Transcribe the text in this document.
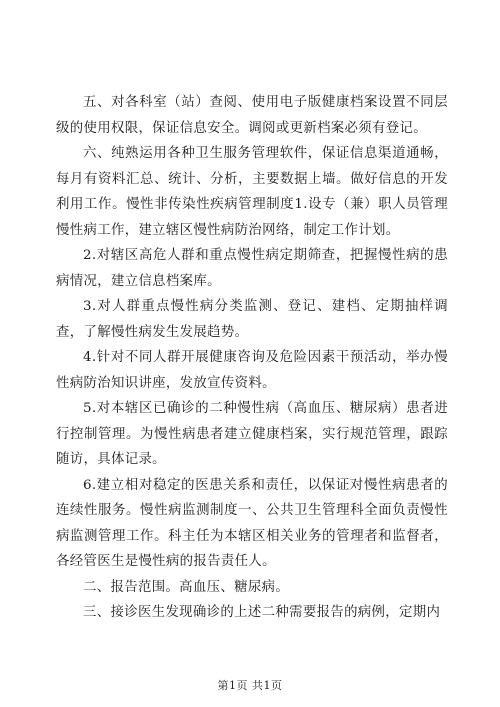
五、对各科室（站）查阅、使用电子版健康档案设置不同层级的使用权限，保证信息安全。调阅或更新档案必须有登记。

六、纯熟运用各种卫生服务管理软件，保证信息渠道通畅，每月有资料汇总、统计、分析，主要数据上墙。做好信息的开发利用工作。慢性非传染性疾病管理制度1.设专（兼）职人员管理慢性病工作，建立辖区慢性病防治网络，制定工作计划。

2.对辖区高危人群和重点慢性病定期筛查，把握慢性病的患病情况，建立信息档案库。

3.对人群重点慢性病分类监测、登记、建档、定期抽样调查，了解慢性病发生发展趋势。

4.针对不同人群开展健康咨询及危险因素干预活动，举办慢性病防治知识讲座，发放宣传资料。

5.对本辖区已确诊的二种慢性病（高血压、糖尿病）患者进行控制管理。为慢性病患者建立健康档案，实行规范管理，跟踪随访，具体记录。

6.建立相对稳定的医患关系和责任，以保证对慢性病患者的连续性服务。慢性病监测制度一、公共卫生管理科全面负责慢性病监测管理工作。科主任为本辖区相关业务的管理者和监督者，各经管医生是慢性病的报告责任人。

二、报告范围。高血压、糖尿病。

三、接诊医生发现确诊的上述二种需要报告的病例，定期内

第1页 共1页
